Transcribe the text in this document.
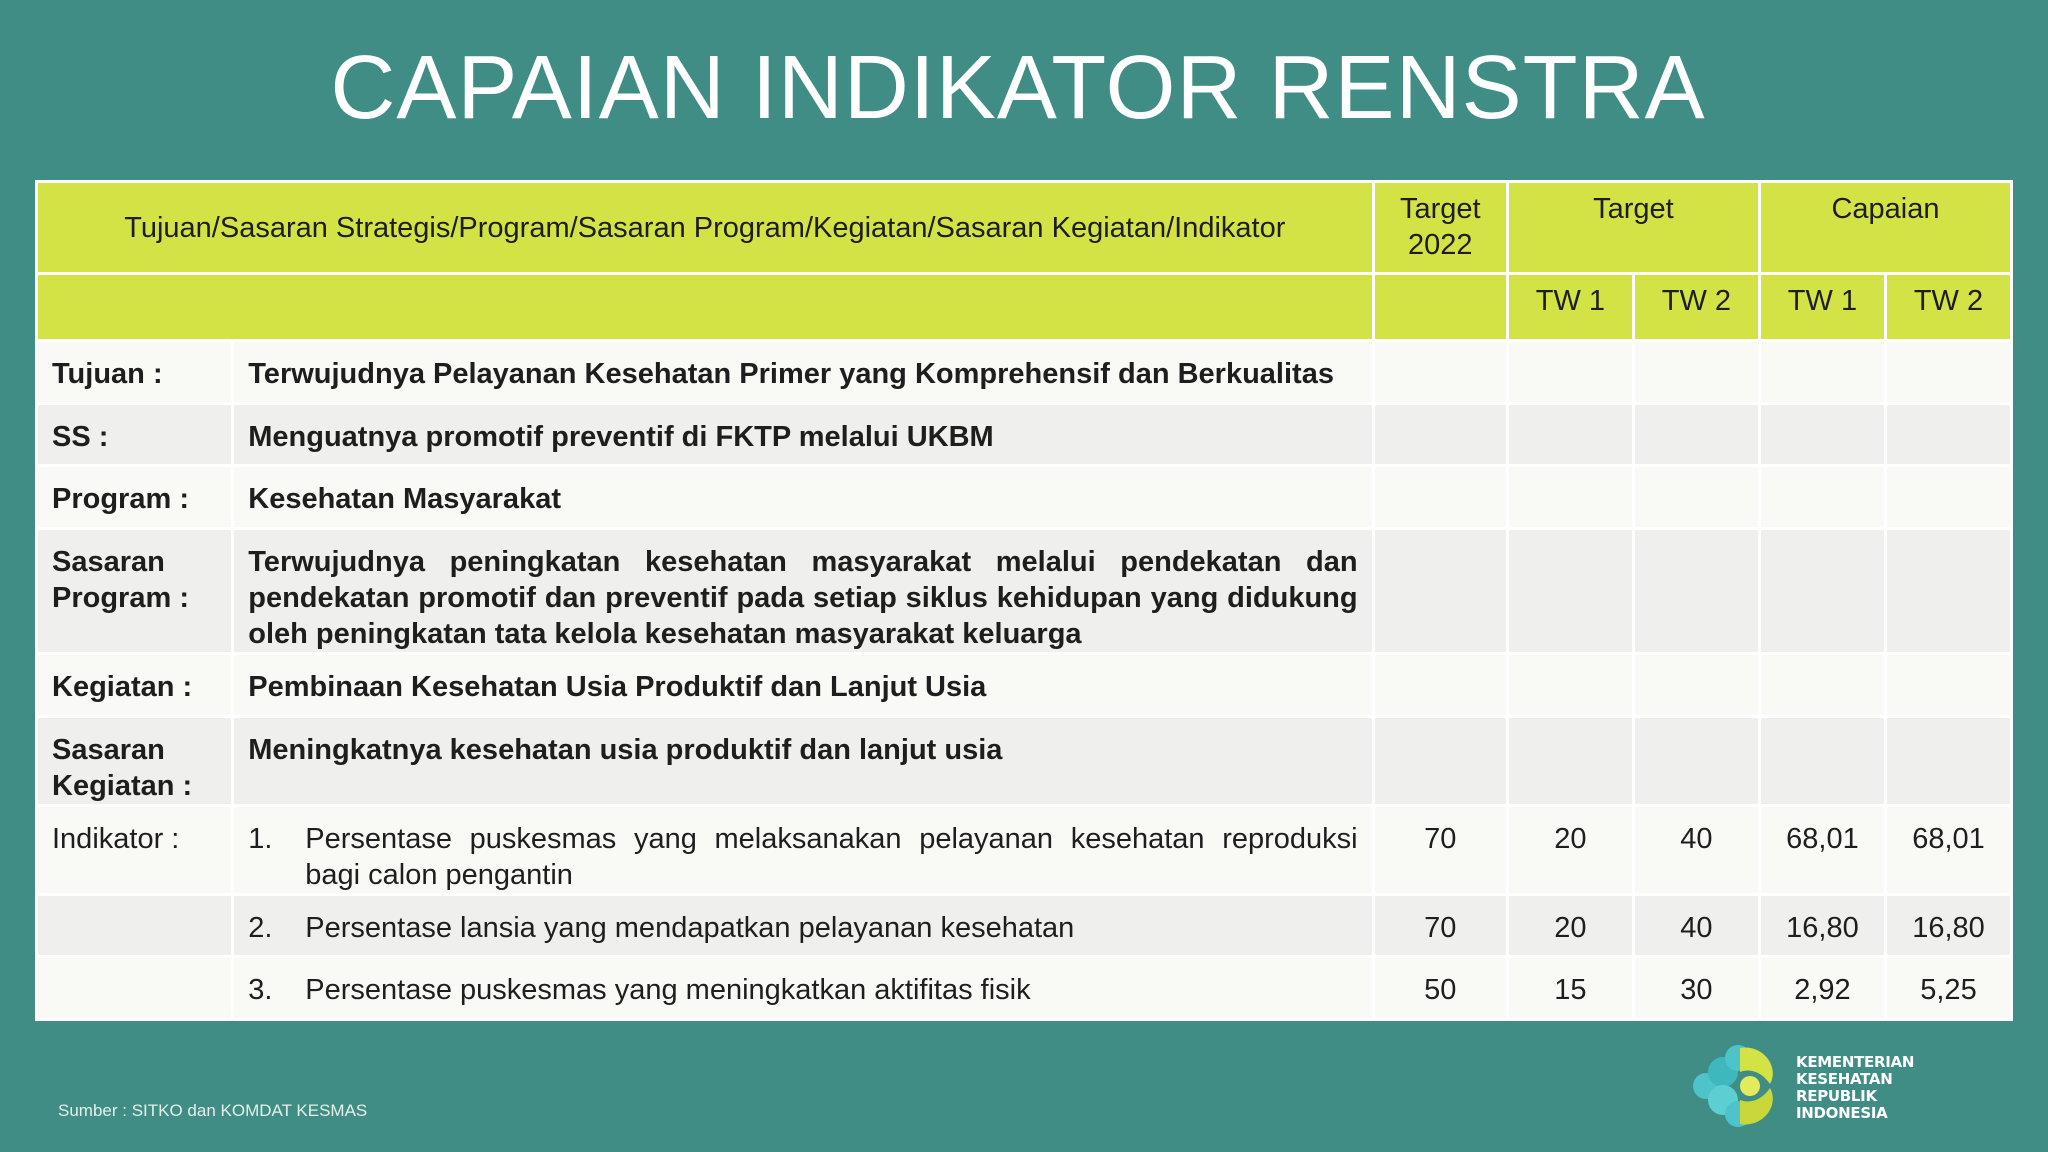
CAPAIAN INDIKATOR RENSTRA
Tujuan/Sasaran Strategis/Program/Sasaran Program/Kegiatan/Sasaran Kegiatan/Indikator		Target 2022	Target		Capaian	
			TW 1	TW 2	TW 1	TW 2
Tujuan :	Terwujudnya Pelayanan Kesehatan Primer yang Komprehensif dan Berkualitas					
SS :	Menguatnya promotif preventif di FKTP melalui UKBM					
Program :	Kesehatan Masyarakat					
Sasaran Program :	Terwujudnya peningkatan kesehatan masyarakat melalui pendekatan dan pendekatan promotif dan preventif pada setiap siklus kehidupan yang didukung oleh peningkatan tata kelola kesehatan masyarakat keluarga					
Kegiatan :	Pembinaan Kesehatan Usia Produktif dan Lanjut Usia					
Sasaran Kegiatan :	Meningkatnya kesehatan usia produktif dan lanjut usia					
Indikator :	1. Persentase puskesmas yang melaksanakan pelayanan kesehatan reproduksi bagi calon pengantin	70	20	40	68,01	68,01

	2. Persentase lansia yang mendapatkan pelayanan kesehatan	70	20	40	16,80	16,80

	3. Persentase puskesmas yang meningkatkan aktifitas fisik	50	15	30	2,92	5,25
Sumber : SITKO dan KOMDAT KESMAS
KEMENTERIAN
KESEHATAN
REPUBLIK
INDONESIA
